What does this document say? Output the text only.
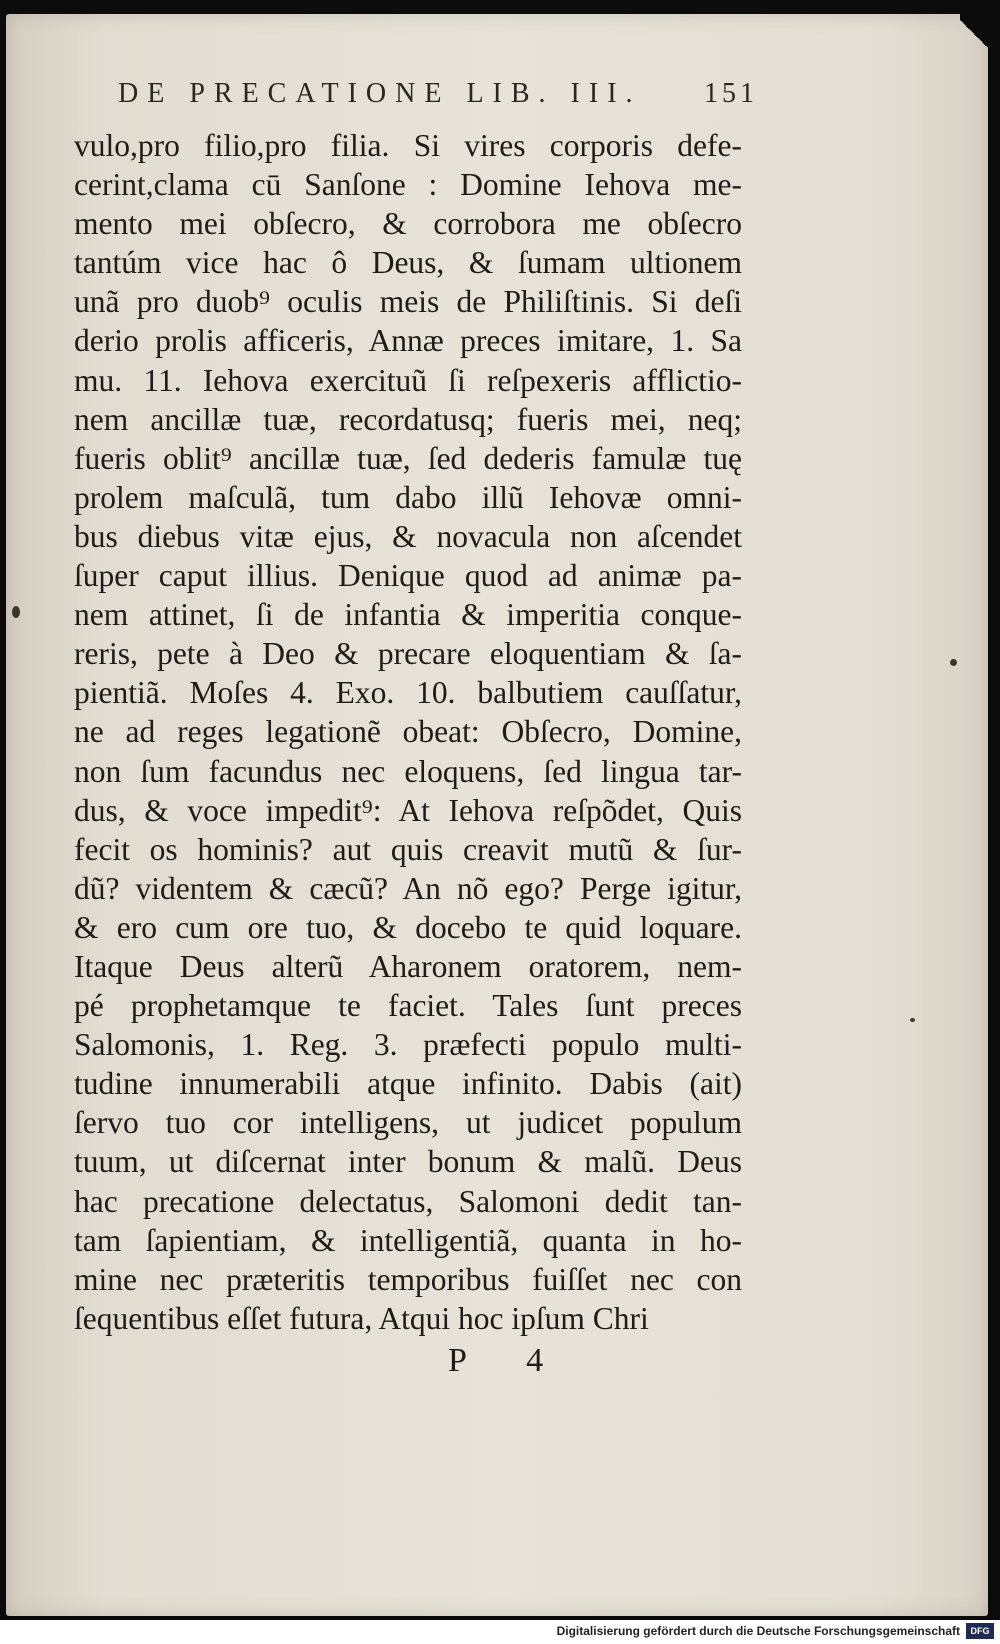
DE PRECATIONE LIB. III. 151
vulo,pro filio,pro filia. Si vires corporis defe-
cerint,clama cū Sanſone : Domine Iehova me-
mento mei obſecro, & corrobora me obſecro
tantúm vice hac ô Deus, & ſumam ultionem
unã pro duob⁹ oculis meis de Philiſtinis. Si deſi
derio prolis afficeris, Annæ preces imitare, 1. Sa
mu. 11. Iehova exercituũ ſi reſpexeris afflictio-
nem ancillæ tuæ, recordatusq; fueris mei, neq;
fueris oblit⁹ ancillæ tuæ, ſed dederis famulæ tuę
prolem maſculã, tum dabo illũ Iehovæ omni-
bus diebus vitæ ejus, & novacula non aſcendet
ſuper caput illius. Denique quod ad animæ pa-
nem attinet, ſi de infantia & imperitia conque-
reris, pete à Deo & precare eloquentiam & ſa-
pientiã. Moſes 4. Exo. 10. balbutiem cauſſatur,
ne ad reges legationẽ obeat: Obſecro, Domine,
non ſum facundus nec eloquens, ſed lingua tar-
dus, & voce impedit⁹: At Iehova reſpõdet, Quis
fecit os hominis? aut quis creavit mutũ & ſur-
dũ? videntem & cæcũ? An nõ ego? Perge igitur,
& ero cum ore tuo, & docebo te quid loquare.
Itaque Deus alterũ Aharonem oratorem, nem-
pé prophetamque te faciet. Tales ſunt preces
Salomonis, 1. Reg. 3. præfecti populo multi-
tudine innumerabili atque infinito. Dabis (ait)
ſervo tuo cor intelligens, ut judicet populum
tuum, ut diſcernat inter bonum & malũ. Deus
hac precatione delectatus, Salomoni dedit tan-
tam ſapientiam, & intelligentiã, quanta in ho-
mine nec præteritis temporibus fuiſſet nec con
ſequentibus eſſet futura, Atqui hoc ipſum Chri
P 4
Digitalisierung gefördert durch die Deutsche Forschungsgemeinschaft	DFG
